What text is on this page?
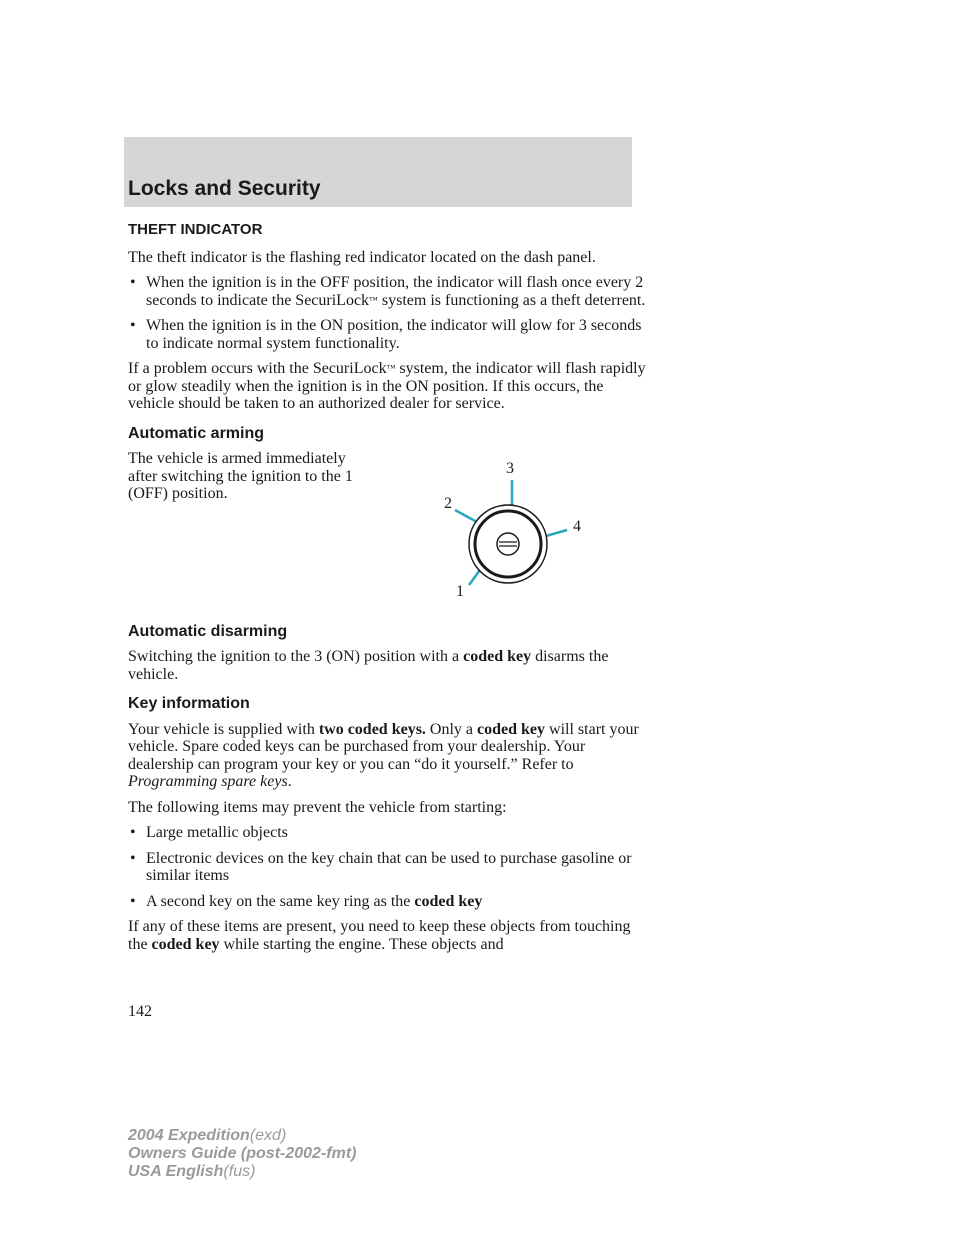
Locks and Security
THEFT INDICATOR

The theft indicator is the flashing red indicator located on the dash panel.

• When the ignition is in the OFF position, the indicator will flash once every 2 seconds to indicate the SecuriLock™ system is functioning as a theft deterrent.
• When the ignition is in the ON position, the indicator will glow for 3 seconds to indicate normal system functionality.

If a problem occurs with the SecuriLock™ system, the indicator will flash rapidly or glow steadily when the ignition is in the ON position. If this occurs, the vehicle should be taken to an authorized dealer for service.

Automatic arming

The vehicle is armed immediately after switching the ignition to the 1 (OFF) position.

Automatic disarming

Switching the ignition to the 3 (ON) position with a coded key disarms the vehicle.

Key information

Your vehicle is supplied with two coded keys. Only a coded key will start your vehicle. Spare coded keys can be purchased from your dealership. Your dealership can program your key or you can “do it yourself.” Refer to Programming spare keys.

The following items may prevent the vehicle from starting:

• Large metallic objects
• Electronic devices on the key chain that can be used to purchase gasoline or similar items
• A second key on the same key ring as the coded key

If any of these items are present, you need to keep these objects from touching the coded key while starting the engine. These objects and

1
2
3
4
142
2004 Expedition(exd)
Owners Guide (post-2002-fmt)
USA English(fus)
